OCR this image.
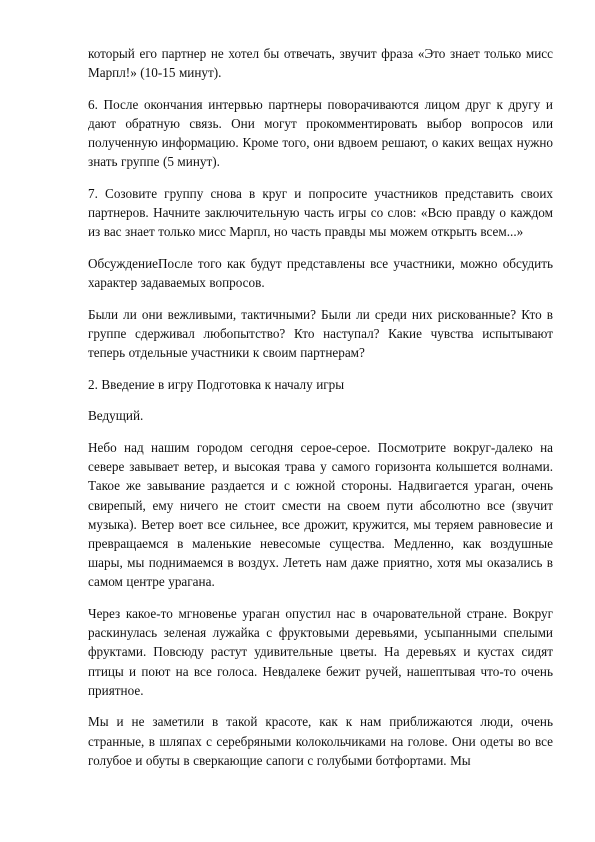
который его партнер не хотел бы отвечать, звучит фраза «Это знает только мисс Марпл!» (10-15 минут).

6. После окончания интервью партнеры поворачиваются лицом друг к другу и дают обратную связь. Они могут прокомментировать выбор вопросов или полученную информацию. Кроме того, они вдвоем решают, о каких вещах нужно знать группе (5 минут).

7. Созовите группу снова в круг и попросите участников представить своих партнеров. Начните заключительную часть игры со слов: «Всю правду о каждом из вас знает только мисс Марпл, но часть правды мы можем открыть всем...»

ОбсуждениеПосле того как будут представлены все участники, можно обсудить характер задаваемых вопросов.

Были ли они вежливыми, тактичными? Были ли среди них рискованные? Кто в группе сдерживал любопытство? Кто наступал? Какие чувства испытывают теперь отдельные участники к своим партнерам?

2. Введение в игру Подготовка к началу игры

Ведущий.

Небо над нашим городом сегодня серое-серое. Посмотрите вокруг-далеко на севере завывает ветер, и высокая трава у самого горизонта колышется волнами. Такое же завывание раздается и с южной стороны. Надвигается ураган, очень свирепый, ему ничего не стоит смести на своем пути абсолютно все (звучит музыка). Ветер воет все сильнее, все дрожит, кружится, мы теряем равновесие и превращаемся в маленькие невесомые существа. Медленно, как воздушные шары, мы поднимаемся в воздух. Лететь нам даже приятно, хотя мы оказались в самом центре урагана.

Через какое-то мгновенье ураган опустил нас в очаровательной стране. Вокруг раскинулась зеленая лужайка с фруктовыми деревьями, усыпанными спелыми фруктами. Повсюду растут удивительные цветы. На деревьях и кустах сидят птицы и поют на все голоса. Невдалеке бежит ручей, нашептывая что-то очень приятное.

Мы и не заметили в такой красоте, как к нам приближаются люди, очень странные, в шляпах с серебряными колокольчиками на голове. Они одеты во все голубое и обуты в сверкающие сапоги с голубыми ботфортами. Мы
